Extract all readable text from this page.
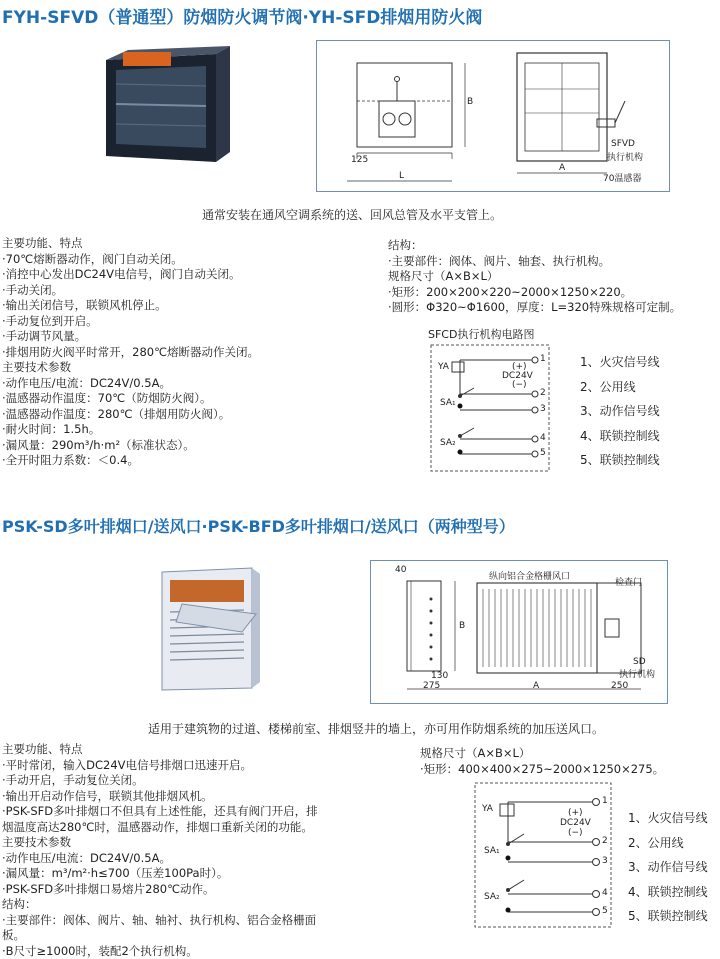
FYH-SFVD（普通型）防烟防火调节阀·YH-SFD排烟用防火阀
125
L
B
A
SFVD
执行机构
70温感器
通常安装在通风空调系统的送、回风总管及水平支管上。
主要功能、特点
·70℃熔断器动作，阀门自动关闭。
·消控中心发出DC24V电信号，阀门自动关闭。
·手动关闭。
·输出关闭信号，联锁风机停止。
·手动复位到开启。
·手动调节风量。
·排烟用防火阀平时常开，280℃熔断器动作关闭。
主要技术参数
·动作电压/电流：DC24V/0.5A。
·温感器动作温度：70℃（防烟防火阀）。
·温感器动作温度：280℃（排烟用防火阀）。
·耐火时间：1.5h。
·漏风量：290m³/h·m²（标准状态）。
·全开时阻力系数：＜0.4。
结构：
·主要部件：阀体、阀片、轴套、执行机构。
规格尺寸（A×B×L）
·矩形：200×200×220~2000×1250×220。
·圆形：Φ320~Φ1600，厚度：L=320特殊规格可定制。
SFCD执行机构电路图
YA
SA₁
SA₂
(+)
DC24V
(−)
1
2
3
4
5
1、火灾信号线
2、公用线
3、动作信号线
4、联锁控制线
5、联锁控制线
PSK-SD多叶排烟口/送风口·PSK-BFD多叶排烟口/送风口（两种型号）
40
130
275	A	250
B
纵向铝合金格栅风口
检查门
SD
执行机构
适用于建筑物的过道、楼梯前室、排烟竖井的墙上，亦可用作防烟系统的加压送风口。
主要功能、特点
·平时常闭，输入DC24V电信号排烟口迅速开启。
·手动开启，手动复位关闭。
·输出开启动作信号，联锁其他排烟风机。
·PSK-SFD多叶排烟口不但具有上述性能，还具有阀门开启，排
烟温度高达280℃时，温感器动作，排烟口重新关闭的功能。
主要技术参数
·动作电压/电流：DC24V/0.5A。
·漏风量：m³/m²·h≤700（压差100Pa时）。
·PSK-SFD多叶排烟口易熔片280℃动作。
结构：
·主要部件：阀体、阀片、轴、轴衬、执行机构、铝合金格栅面
板。
·B尺寸≥1000时，装配2个执行机构。
规格尺寸（A×B×L）
·矩形：400×400×275~2000×1250×275。
YA
SA₁
SA₂
(+)
DC24V
(−)
1
2
3
4
5
1、火灾信号线
2、公用线
3、动作信号线
4、联锁控制线
5、联锁控制线
